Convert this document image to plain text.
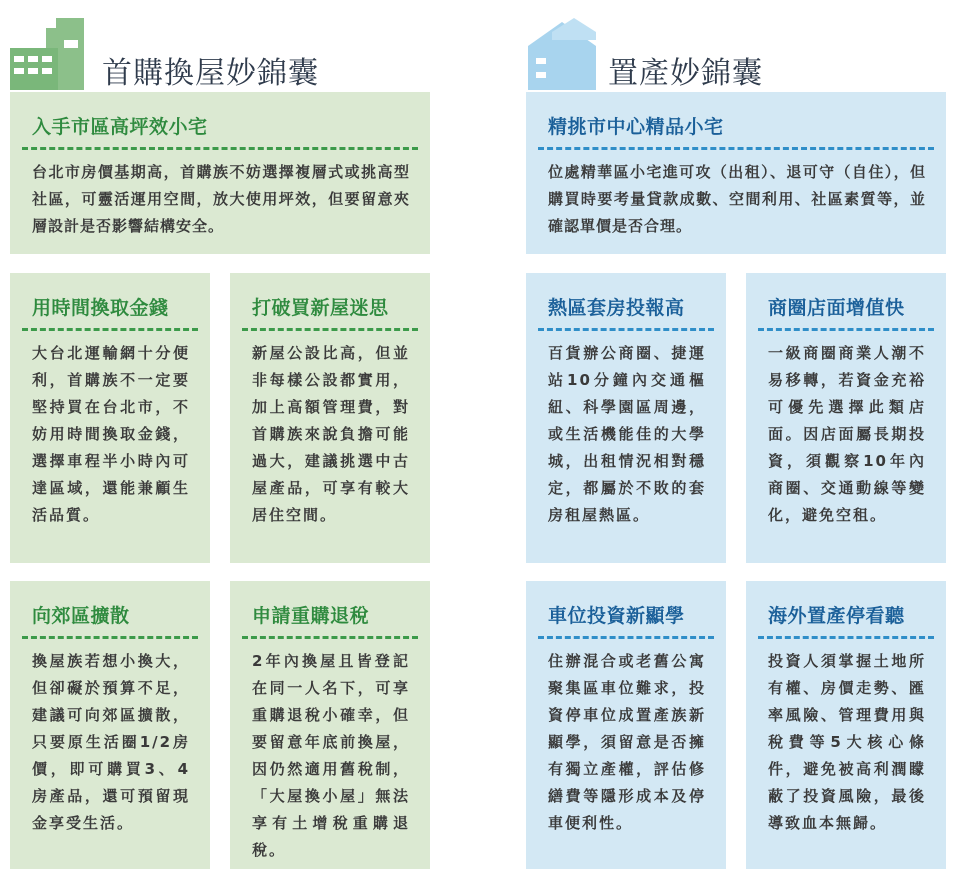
首購換屋妙錦囊	置產妙錦囊
入手市區高坪效小宅
台北市房價基期高，首購族不妨選擇複層式或挑高型社區，可靈活運用空間，放大使用坪效，但要留意夾層設計是否影響結構安全。
用時間換取金錢
大台北運輸網十分便利，首購族不一定要堅持買在台北市，不妨用時間換取金錢，選擇車程半小時內可達區域，還能兼顧生活品質。
打破買新屋迷思
新屋公設比高，但並非每樣公設都實用，加上高額管理費，對首購族來說負擔可能過大，建議挑選中古屋產品，可享有較大居住空間。
向郊區擴散
換屋族若想小換大，但卻礙於預算不足，建議可向郊區擴散，只要原生活圈1/2房價，即可購買3、4房產品，還可預留現金享受生活。
申請重購退稅
2年內換屋且皆登記在同一人名下，可享重購退稅小確幸，但要留意年底前換屋，因仍然適用舊稅制，「大屋換小屋」無法享有土增稅重購退稅。
精挑市中心精品小宅
位處精華區小宅進可攻（出租）、退可守（自住），但購買時要考量貸款成數、空間利用、社區素質等，並確認單價是否合理。
熱區套房投報高
百貨辦公商圈、捷運站10分鐘內交通樞紐、科學園區周邊，或生活機能佳的大學城，出租情況相對穩定，都屬於不敗的套房租屋熱區。
商圈店面增值快
一級商圈商業人潮不易移轉，若資金充裕可優先選擇此類店面。因店面屬長期投資，須觀察10年內商圈、交通動線等變化，避免空租。
車位投資新顯學
住辦混合或老舊公寓聚集區車位難求，投資停車位成置產族新顯學，須留意是否擁有獨立產權，評估修繕費等隱形成本及停車便利性。
海外置產停看聽
投資人須掌握土地所有權、房價走勢、匯率風險、管理費用與稅費等5大核心條件，避免被高利潤矇蔽了投資風險，最後導致血本無歸。
